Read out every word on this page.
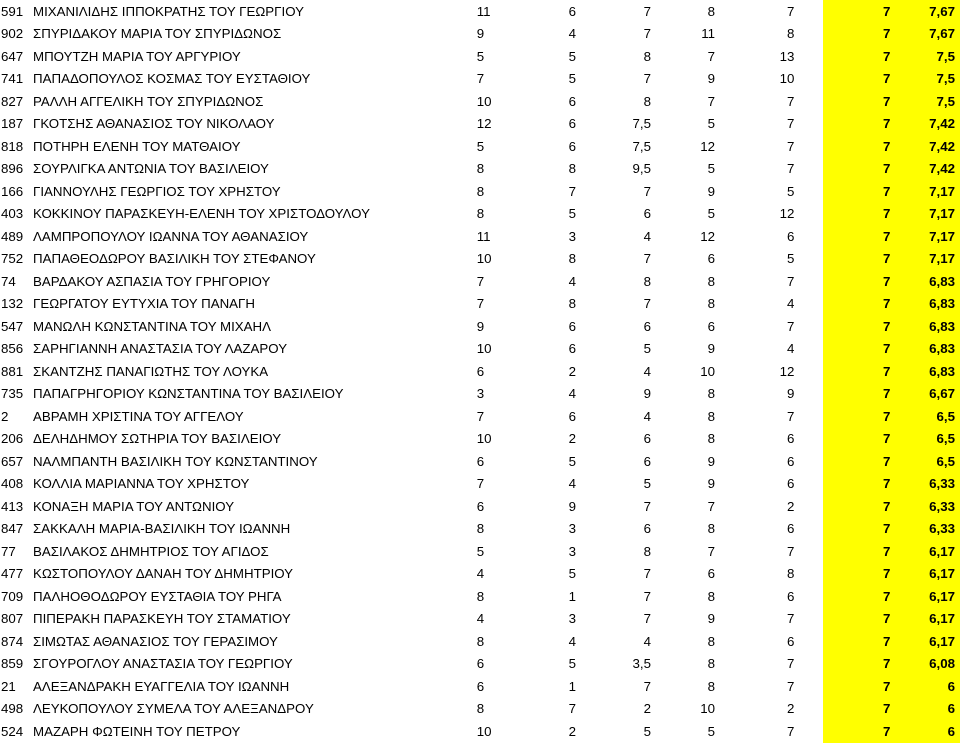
591	ΜΙΧΑΝΙΛΙΔΗΣ ΙΠΠΟΚΡΑΤΗΣ ΤΟΥ ΓΕΩΡΓΙΟΥ	11	6	7	8	7		7	7,67
902	ΣΠΥΡΙΔΑΚΟΥ ΜΑΡΙΑ ΤΟΥ ΣΠΥΡΙΔΩΝΟΣ	9	4	7	11	8		7	7,67
647	ΜΠΟΥΤΖΗ ΜΑΡΙΑ ΤΟΥ ΑΡΓΥΡΙΟΥ	5	5	8	7	13		7	7,5
741	ΠΑΠΑΔΟΠΟΥΛΟΣ ΚΟΣΜΑΣ ΤΟΥ ΕΥΣΤΑΘΙΟΥ	7	5	7	9	10		7	7,5
827	ΡΑΛΛΗ ΑΓΓΕΛΙΚΗ ΤΟΥ ΣΠΥΡΙΔΩΝΟΣ	10	6	8	7	7		7	7,5
187	ΓΚΟΤΣΗΣ ΑΘΑΝΑΣΙΟΣ ΤΟΥ ΝΙΚΟΛΑΟΥ	12	6	7,5	5	7		7	7,42
818	ΠΟΤΗΡΗ ΕΛΕΝΗ ΤΟΥ ΜΑΤΘΑΙΟΥ	5	6	7,5	12	7		7	7,42
896	ΣΟΥΡΛΙΓΚΑ ΑΝΤΩΝΙΑ ΤΟΥ ΒΑΣΙΛΕΙΟΥ	8	8	9,5	5	7		7	7,42
166	ΓΙΑΝΝΟΥΛΗΣ ΓΕΩΡΓΙΟΣ ΤΟΥ ΧΡΗΣΤΟΥ	8	7	7	9	5		7	7,17
403	ΚΟΚΚΙΝΟΥ ΠΑΡΑΣΚΕΥΗ-ΕΛΕΝΗ ΤΟΥ ΧΡΙΣΤΟΔΟΥΛΟΥ	8	5	6	5	12		7	7,17
489	ΛΑΜΠΡΟΠΟΥΛΟΥ ΙΩΑΝΝΑ ΤΟΥ ΑΘΑΝΑΣΙΟΥ	11	3	4	12	6		7	7,17
752	ΠΑΠΑΘΕΟΔΩΡΟΥ ΒΑΣΙΛΙΚΗ ΤΟΥ ΣΤΕΦΑΝΟΥ	10	8	7	6	5		7	7,17
74	ΒΑΡΔΑΚΟΥ ΑΣΠΑΣΙΑ ΤΟΥ ΓΡΗΓΟΡΙΟΥ	7	4	8	8	7		7	6,83
132	ΓΕΩΡΓΑΤΟΥ ΕΥΤΥΧΙΑ ΤΟΥ ΠΑΝΑΓΗ	7	8	7	8	4		7	6,83
547	ΜΑΝΩΛΗ ΚΩΝΣΤΑΝΤΙΝΑ ΤΟΥ ΜΙΧΑΗΛ	9	6	6	6	7		7	6,83
856	ΣΑΡΗΓΙΑΝΝΗ ΑΝΑΣΤΑΣΙΑ ΤΟΥ ΛΑΖΑΡΟΥ	10	6	5	9	4		7	6,83
881	ΣΚΑΝΤΖΗΣ ΠΑΝΑΓΙΩΤΗΣ ΤΟΥ ΛΟΥΚΑ	6	2	4	10	12		7	6,83
735	ΠΑΠΑΓΡΗΓΟΡΙΟΥ ΚΩΝΣΤΑΝΤΙΝΑ ΤΟΥ ΒΑΣΙΛΕΙΟΥ	3	4	9	8	9		7	6,67
2	ΑΒΡΑΜΗ ΧΡΙΣΤΙΝΑ ΤΟΥ ΑΓΓΕΛΟΥ	7	6	4	8	7		7	6,5
206	ΔΕΛΗΔΗΜΟΥ ΣΩΤΗΡΙΑ ΤΟΥ ΒΑΣΙΛΕΙΟΥ	10	2	6	8	6		7	6,5
657	ΝΑΛΜΠΑΝΤΗ ΒΑΣΙΛΙΚΗ ΤΟΥ ΚΩΝΣΤΑΝΤΙΝΟΥ	6	5	6	9	6		7	6,5
408	ΚΟΛΛΙΑ ΜΑΡΙΑΝΝΑ ΤΟΥ ΧΡΗΣΤΟΥ	7	4	5	9	6		7	6,33
413	ΚΟΝΑΞΗ ΜΑΡΙΑ ΤΟΥ ΑΝΤΩΝΙΟΥ	6	9	7	7	2		7	6,33
847	ΣΑΚΚΑΛΗ ΜΑΡΙΑ-ΒΑΣΙΛΙΚΗ ΤΟΥ ΙΩΑΝΝΗ	8	3	6	8	6		7	6,33
77	ΒΑΣΙΛΑΚΟΣ ΔΗΜΗΤΡΙΟΣ ΤΟΥ ΑΓΙΔΟΣ	5	3	8	7	7		7	6,17
477	ΚΩΣΤΟΠΟΥΛΟΥ ΔΑΝΑΗ ΤΟΥ ΔΗΜΗΤΡΙΟΥ	4	5	7	6	8		7	6,17
709	ΠΑΛΗΟΘΟΔΩΡΟΥ ΕΥΣΤΑΘΙΑ ΤΟΥ ΡΗΓΑ	8	1	7	8	6		7	6,17
807	ΠΙΠΕΡΑΚΗ ΠΑΡΑΣΚΕΥΗ ΤΟΥ ΣΤΑΜΑΤΙΟΥ	4	3	7	9	7		7	6,17
874	ΣΙΜΩΤΑΣ ΑΘΑΝΑΣΙΟΣ ΤΟΥ ΓΕΡΑΣΙΜΟΥ	8	4	4	8	6		7	6,17
859	ΣΓΟΥΡΟΓΛΟΥ ΑΝΑΣΤΑΣΙΑ ΤΟΥ ΓΕΩΡΓΙΟΥ	6	5	3,5	8	7		7	6,08
21	ΑΛΕΞΑΝΔΡΑΚΗ ΕΥΑΓΓΕΛΙΑ ΤΟΥ ΙΩΑΝΝΗ	6	1	7	8	7		7	6
498	ΛΕΥΚΟΠΟΥΛΟΥ ΣΥΜΕΛΑ ΤΟΥ ΑΛΕΞΑΝΔΡΟΥ	8	7	2	10	2		7	6
524	ΜΑΖΑΡΗ ΦΩΤΕΙΝΗ ΤΟΥ ΠΕΤΡΟΥ	10	2	5	5	7		7	6
